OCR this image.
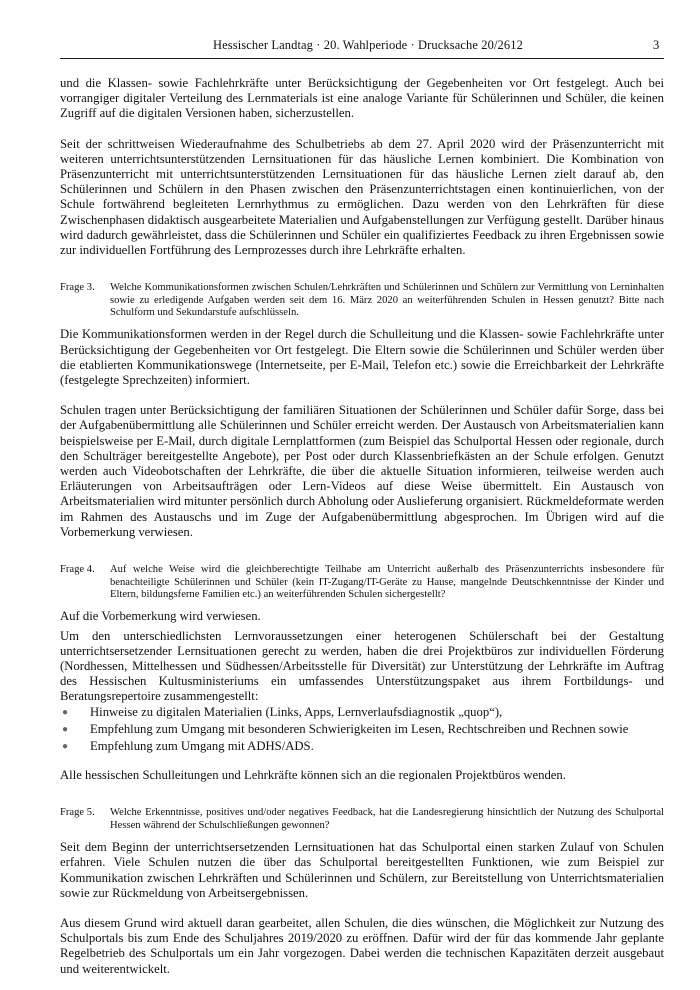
Hessischer Landtag · 20. Wahlperiode · Drucksache 20/2612	3

und die Klassen- sowie Fachlehrkräfte unter Berücksichtigung der Gegebenheiten vor Ort festgelegt. Auch bei vorrangiger digitaler Verteilung des Lernmaterials ist eine analoge Variante für Schülerinnen und Schüler, die keinen Zugriff auf die digitalen Versionen haben, sicherzustellen.

Seit der schrittweisen Wiederaufnahme des Schulbetriebs ab dem 27. April 2020 wird der Präsenzunterricht mit weiteren unterrichtsunterstützenden Lernsituationen für das häusliche Lernen kombiniert. Die Kombination von Präsenzunterricht mit unterrichtsunterstützenden Lernsituationen für das häusliche Lernen zielt darauf ab, den Schülerinnen und Schülern in den Phasen zwischen den Präsenzunterrichtstagen einen kontinuierlichen, von der Schule fortwährend begleiteten Lernrhythmus zu ermöglichen. Dazu werden von den Lehrkräften für diese Zwischenphasen didaktisch ausgearbeitete Materialien und Aufgabenstellungen zur Verfügung gestellt. Darüber hinaus wird dadurch gewährleistet, dass die Schülerinnen und Schüler ein qualifiziertes Feedback zu ihren Ergebnissen sowie zur individuellen Fortführung des Lernprozesses durch ihre Lehrkräfte erhalten.

Frage 3.	Welche Kommunikationsformen zwischen Schulen/Lehrkräften und Schülerinnen und Schülern zur Vermittlung von Lerninhalten sowie zu erledigende Aufgaben werden seit dem 16. März 2020 an weiterführenden Schulen in Hessen genutzt? Bitte nach Schulform und Sekundarstufe aufschlüsseln.

Die Kommunikationsformen werden in der Regel durch die Schulleitung und die Klassen- sowie Fachlehrkräfte unter Berücksichtigung der Gegebenheiten vor Ort festgelegt. Die Eltern sowie die Schülerinnen und Schüler werden über die etablierten Kommunikationswege (Internetseite, per E-Mail, Telefon etc.) sowie die Erreichbarkeit der Lehrkräfte (festgelegte Sprechzeiten) informiert.

Schulen tragen unter Berücksichtigung der familiären Situationen der Schülerinnen und Schüler dafür Sorge, dass bei der Aufgabenübermittlung alle Schülerinnen und Schüler erreicht werden. Der Austausch von Arbeitsmaterialien kann beispielsweise per E-Mail, durch digitale Lernplattformen (zum Beispiel das Schulportal Hessen oder regionale, durch den Schulträger bereitgestellte Angebote), per Post oder durch Klassenbriefkästen an der Schule erfolgen. Genutzt werden auch Videobotschaften der Lehrkräfte, die über die aktuelle Situation informieren, teilweise werden auch Erläuterungen von Arbeitsaufträgen oder Lern-Videos auf diese Weise übermittelt. Ein Austausch von Arbeitsmaterialien wird mitunter persönlich durch Abholung oder Auslieferung organisiert. Rückmeldeformate werden im Rahmen des Austauschs und im Zuge der Aufgabenübermittlung abgesprochen. Im Übrigen wird auf die Vorbemerkung verwiesen.

Frage 4.	Auf welche Weise wird die gleichberechtigte Teilhabe am Unterricht außerhalb des Präsenzunterrichts insbesondere für benachteiligte Schülerinnen und Schüler (kein IT-Zugang/IT-Geräte zu Hause, mangelnde Deutschkenntnisse der Kinder und Eltern, bildungsferne Familien etc.) an weiterführenden Schulen sichergestellt?

Auf die Vorbemerkung wird verwiesen.

Um den unterschiedlichsten Lernvoraussetzungen einer heterogenen Schülerschaft bei der Gestaltung unterrichtsersetzender Lernsituationen gerecht zu werden, haben die drei Projektbüros zur individuellen Förderung (Nordhessen, Mittelhessen und Südhessen/Arbeitsstelle für Diversität) zur Unterstützung der Lehrkräfte im Auftrag des Hessischen Kultusministeriums ein umfassendes Unterstützungspaket aus ihrem Fortbildungs- und Beratungsrepertoire zusammengestellt:

● Hinweise zu digitalen Materialien (Links, Apps, Lernverlaufsdiagnostik „quop“),
● Empfehlung zum Umgang mit besonderen Schwierigkeiten im Lesen, Rechtschreiben und Rechnen sowie
● Empfehlung zum Umgang mit ADHS/ADS.

Alle hessischen Schulleitungen und Lehrkräfte können sich an die regionalen Projektbüros wenden.

Frage 5.	Welche Erkenntnisse, positives und/oder negatives Feedback, hat die Landesregierung hinsichtlich der Nutzung des Schulportal Hessen während der Schulschließungen gewonnen?

Seit dem Beginn der unterrichtsersetzenden Lernsituationen hat das Schulportal einen starken Zulauf von Schulen erfahren. Viele Schulen nutzen die über das Schulportal bereitgestellten Funktionen, wie zum Beispiel zur Kommunikation zwischen Lehrkräften und Schülerinnen und Schülern, zur Bereitstellung von Unterrichtsmaterialien sowie zur Rückmeldung von Arbeitsergebnissen.

Aus diesem Grund wird aktuell daran gearbeitet, allen Schulen, die dies wünschen, die Möglichkeit zur Nutzung des Schulportals bis zum Ende des Schuljahres 2019/2020 zu eröffnen. Dafür wird der für das kommende Jahr geplante Regelbetrieb des Schulportals um ein Jahr vorgezogen. Dabei werden die technischen Kapazitäten derzeit ausgebaut und weiterentwickelt.
